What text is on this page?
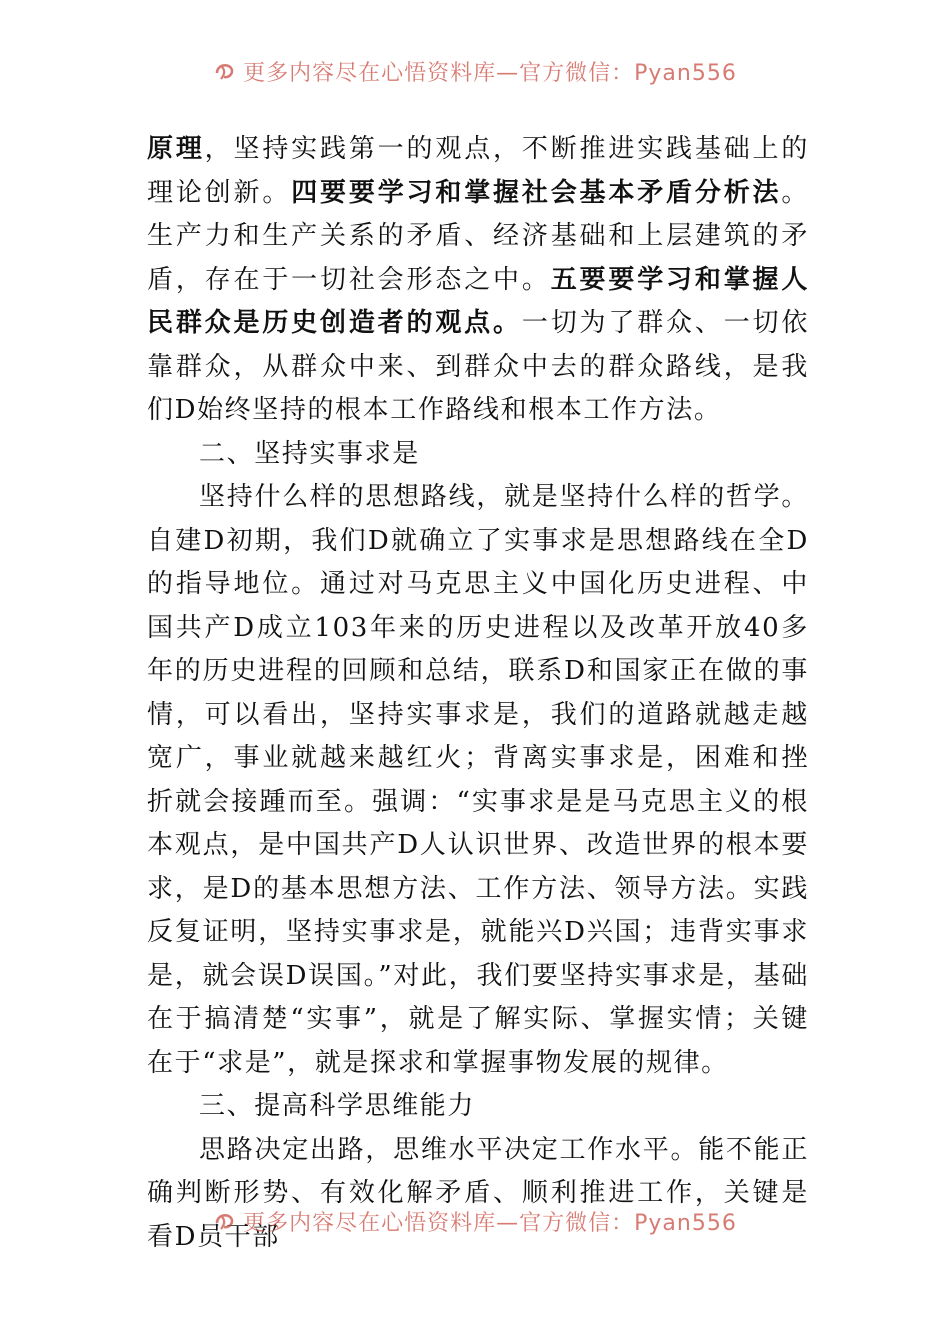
更多内容尽在心悟资料库—官方微信：Pyan556

原理，坚持实践第一的观点，不断推进实践基础上的理论创新。四要要学习和掌握社会基本矛盾分析法。生产力和生产关系的矛盾、经济基础和上层建筑的矛盾，存在于一切社会形态之中。五要要学习和掌握人民群众是历史创造者的观点。一切为了群众、一切依靠群众，从群众中来、到群众中去的群众路线，是我们D始终坚持的根本工作路线和根本工作方法。

二、坚持实事求是

坚持什么样的思想路线，就是坚持什么样的哲学。自建D初期，我们D就确立了实事求是思想路线在全D的指导地位。通过对马克思主义中国化历史进程、中国共产D成立103年来的历史进程以及改革开放40多年的历史进程的回顾和总结，联系D和国家正在做的事情，可以看出，坚持实事求是，我们的道路就越走越宽广，事业就越来越红火；背离实事求是，困难和挫折就会接踵而至。强调：“实事求是是马克思主义的根本观点，是中国共产D人认识世界、改造世界的根本要求，是D的基本思想方法、工作方法、领导方法。实践反复证明，坚持实事求是，就能兴D兴国；违背实事求是，就会误D误国。”对此，我们要坚持实事求是，基础在于搞清楚“实事”，就是了解实际、掌握实情；关键在于“求是”，就是探求和掌握事物发展的规律。

三、提高科学思维能力

思路决定出路，思维水平决定工作水平。能不能正确判断形势、有效化解矛盾、顺利推进工作，关键是看D员干部

更多内容尽在心悟资料库—官方微信：Pyan556
